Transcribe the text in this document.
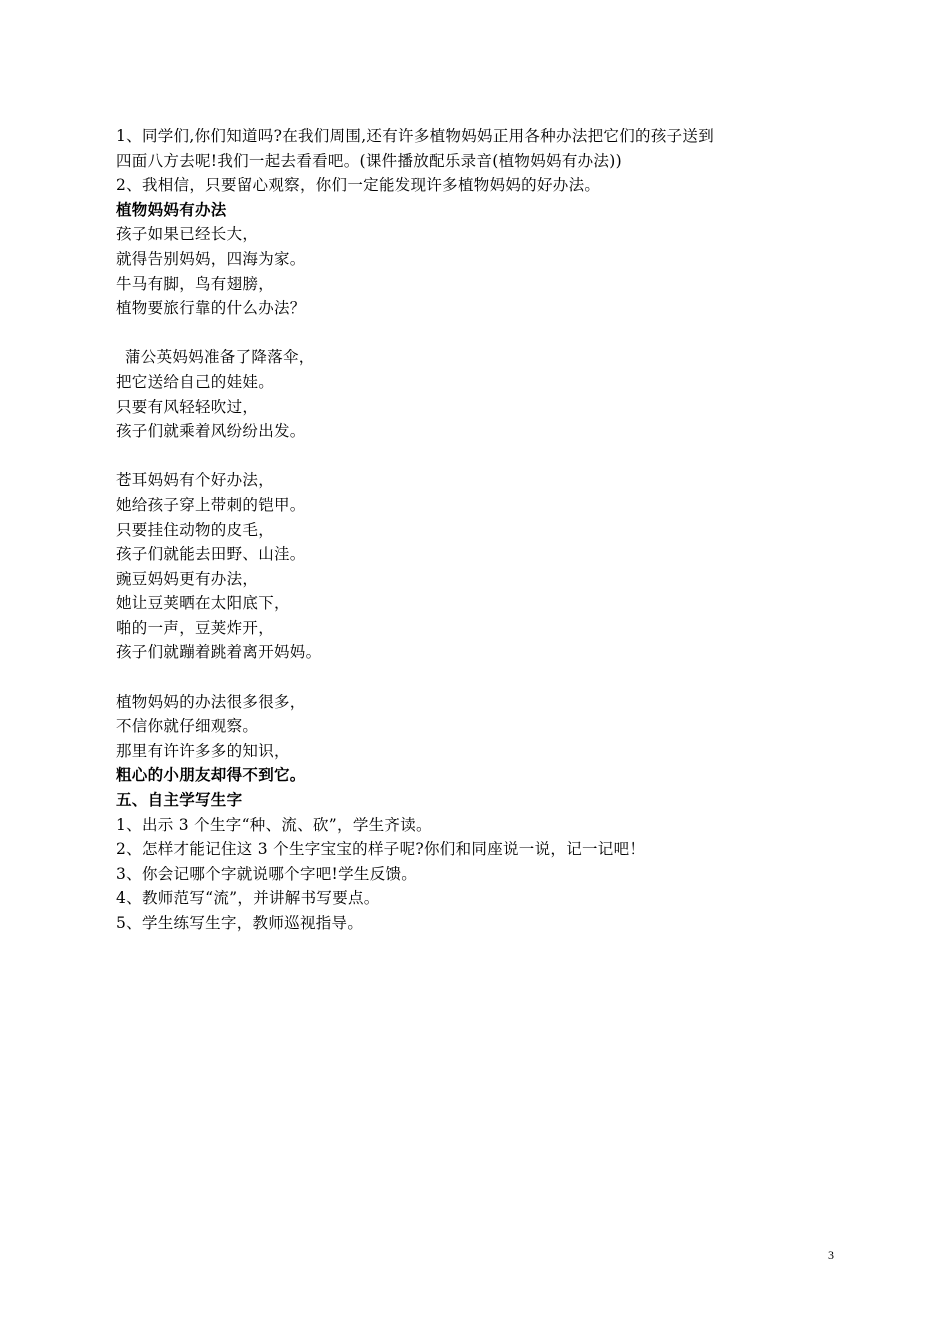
1、同学们,你们知道吗?在我们周围,还有许多植物妈妈正用各种办法把它们的孩子送到
四面八方去呢!我们一起去看看吧。(课件播放配乐录音(植物妈妈有办法))
2、我相信，只要留心观察，你们一定能发现许多植物妈妈的好办法。
植物妈妈有办法
孩子如果已经长大，
就得告别妈妈，四海为家。
牛马有脚，鸟有翅膀，
植物要旅行靠的什么办法？
蒲公英妈妈准备了降落伞，
把它送给自己的娃娃。
只要有风轻轻吹过，
孩子们就乘着风纷纷出发。
苍耳妈妈有个好办法，
她给孩子穿上带刺的铠甲。
只要挂住动物的皮毛，
孩子们就能去田野、山洼。
豌豆妈妈更有办法，
她让豆荚晒在太阳底下，
啪的一声，豆荚炸开，
孩子们就蹦着跳着离开妈妈。
植物妈妈的办法很多很多，
不信你就仔细观察。
那里有许许多多的知识，
粗心的小朋友却得不到它。
五、自主学写生字
1、出示 3 个生字“种、流、砍”，学生齐读。
2、怎样才能记住这 3 个生字宝宝的样子呢?你们和同座说一说，记一记吧！
3、你会记哪个字就说哪个字吧!学生反馈。
4、教师范写“流”，并讲解书写要点。
5、学生练写生字，教师巡视指导。
3
